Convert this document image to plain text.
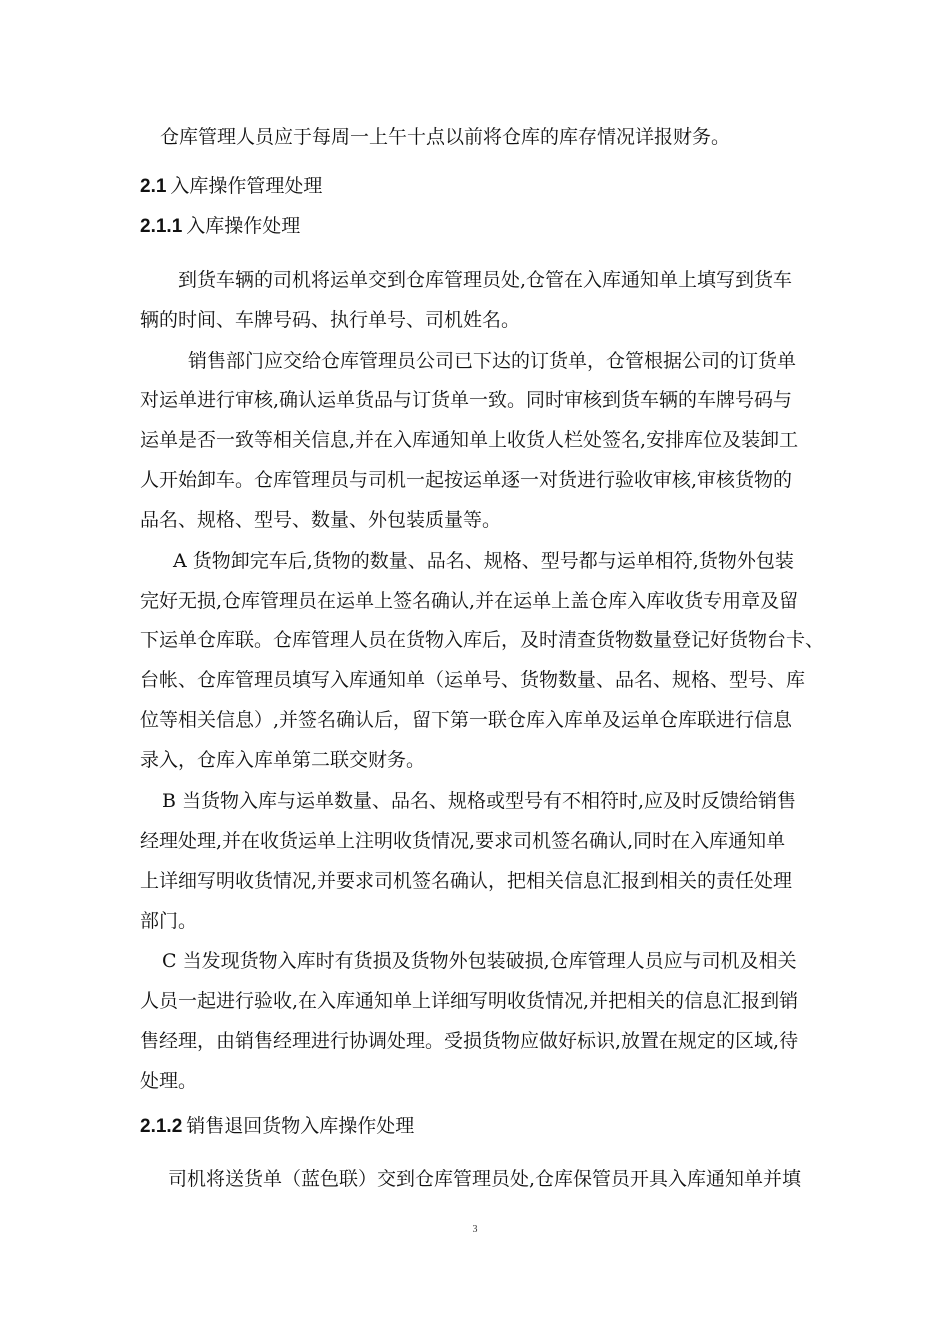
仓库管理人员应于每周一上午十点以前将仓库的库存情况详报财务。
2.1 入库操作管理处理
2.1.1 入库操作处理
到货车辆的司机将运单交到仓库管理员处,仓管在入库通知单上填写到货车
辆的时间、车牌号码、执行单号、司机姓名。
销售部门应交给仓库管理员公司已下达的订货单，仓管根据公司的订货单
对运单进行审核,确认运单货品与订货单一致。同时审核到货车辆的车牌号码与
运单是否一致等相关信息,并在入库通知单上收货人栏处签名,安排库位及装卸工
人开始卸车。仓库管理员与司机一起按运单逐一对货进行验收审核,审核货物的
品名、规格、型号、数量、外包装质量等。
A 货物卸完车后,货物的数量、品名、规格、型号都与运单相符,货物外包装
完好无损,仓库管理员在运单上签名确认,并在运单上盖仓库入库收货专用章及留
下运单仓库联。仓库管理人员在货物入库后，及时清查货物数量登记好货物台卡、
台帐、仓库管理员填写入库通知单（运单号、货物数量、品名、规格、型号、库
位等相关信息）,并签名确认后，留下第一联仓库入库单及运单仓库联进行信息
录入，仓库入库单第二联交财务。
B 当货物入库与运单数量、品名、规格或型号有不相符时,应及时反馈给销售
经理处理,并在收货运单上注明收货情况,要求司机签名确认,同时在入库通知单
上详细写明收货情况,并要求司机签名确认，把相关信息汇报到相关的责任处理
部门。
C 当发现货物入库时有货损及货物外包装破损,仓库管理人员应与司机及相关
人员一起进行验收,在入库通知单上详细写明收货情况,并把相关的信息汇报到销
售经理，由销售经理进行协调处理。受损货物应做好标识,放置在规定的区域,待
处理。
2.1.2 销售退回货物入库操作处理
司机将送货单（蓝色联）交到仓库管理员处,仓库保管员开具入库通知单并填
3
